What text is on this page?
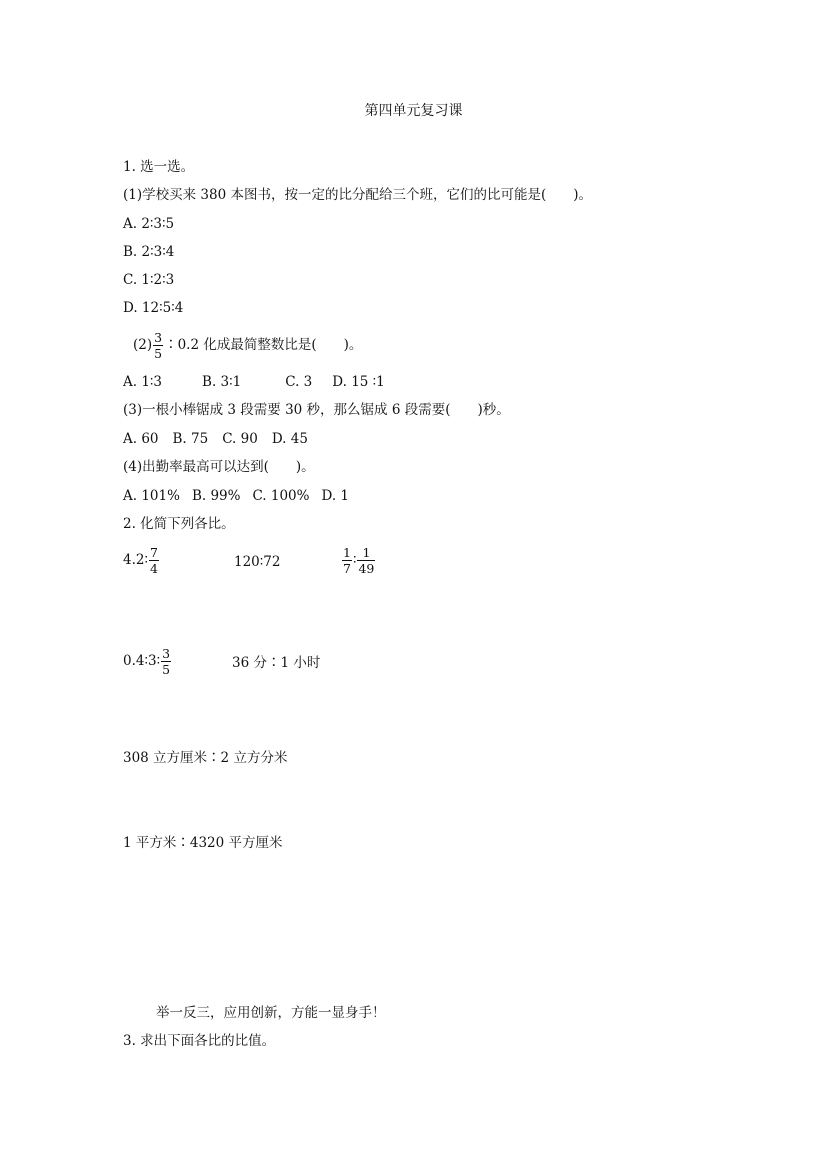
第四单元复习课
1. 选一选。
(1)学校买来 380 本图书，按一定的比分配给三个班，它们的比可能是(　　)。
A. 2∶3∶5
B. 2∶3∶4
C. 1∶2∶3
D. 12∶5∶4
$(2) \frac{3}{5}$ ∶0.2 化成最简整数比是(　　)。
A. 1∶3	B. 3∶1	C. 3 D. 15 ∶1
(3)一根小棒锯成 3 段需要 30 秒，那么锯成 6 段需要(　　)秒。
A. 60 B. 75 C. 90 D. 45
(4)出勤率最高可以达到(　　)。
A. 101% B. 99% C. 100% D. 1
2. 化简下列各比。
4.2∶ $\frac{7}{4}$	120∶72	$\frac{1}{7}$ ∶ $\frac{1}{49}$
0.4∶3∶ $\frac{3}{5}$	36 分∶1 小时
308 立方厘米∶2 立方分米
1 平方米∶4320 平方厘米
举一反三，应用创新，方能一显身手！
3. 求出下面各比的比值。
